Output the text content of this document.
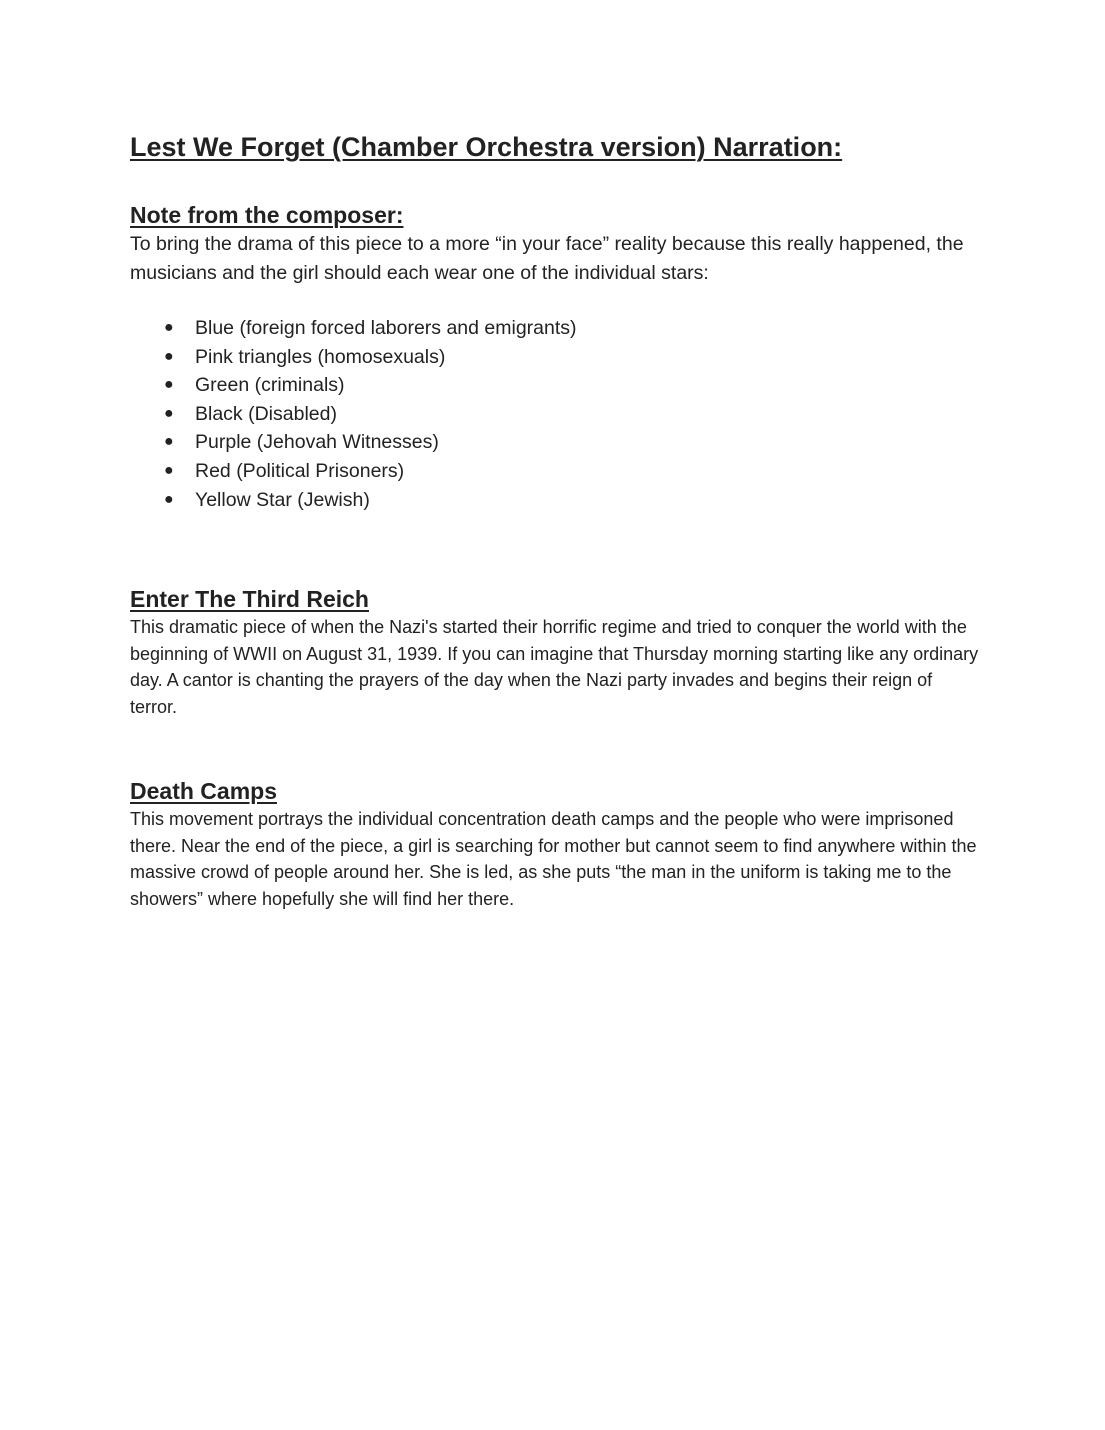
Lest We Forget (Chamber Orchestra version) Narration:
Note from the composer:

To bring the drama of this piece to a more “in your face” reality because this really happened, the musicians and the girl should each wear one of the individual stars:

● Blue (foreign forced laborers and emigrants)
● Pink triangles (homosexuals)
● Green (criminals)
● Black (Disabled)
● Purple (Jehovah Witnesses)
● Red (Political Prisoners)
● Yellow Star (Jewish)
Enter The Third Reich

This dramatic piece of when the Nazi's started their horrific regime and tried to conquer the world with the beginning of WWII on August 31, 1939. If you can imagine that Thursday morning starting like any ordinary day. A cantor is chanting the prayers of the day when the Nazi party invades and begins their reign of terror.

Death Camps

This movement portrays the individual concentration death camps and the people who were imprisoned there. Near the end of the piece, a girl is searching for mother but cannot seem to find anywhere within the massive crowd of people around her. She is led, as she puts “the man in the uniform is taking me to the showers” where hopefully she will find her there.
